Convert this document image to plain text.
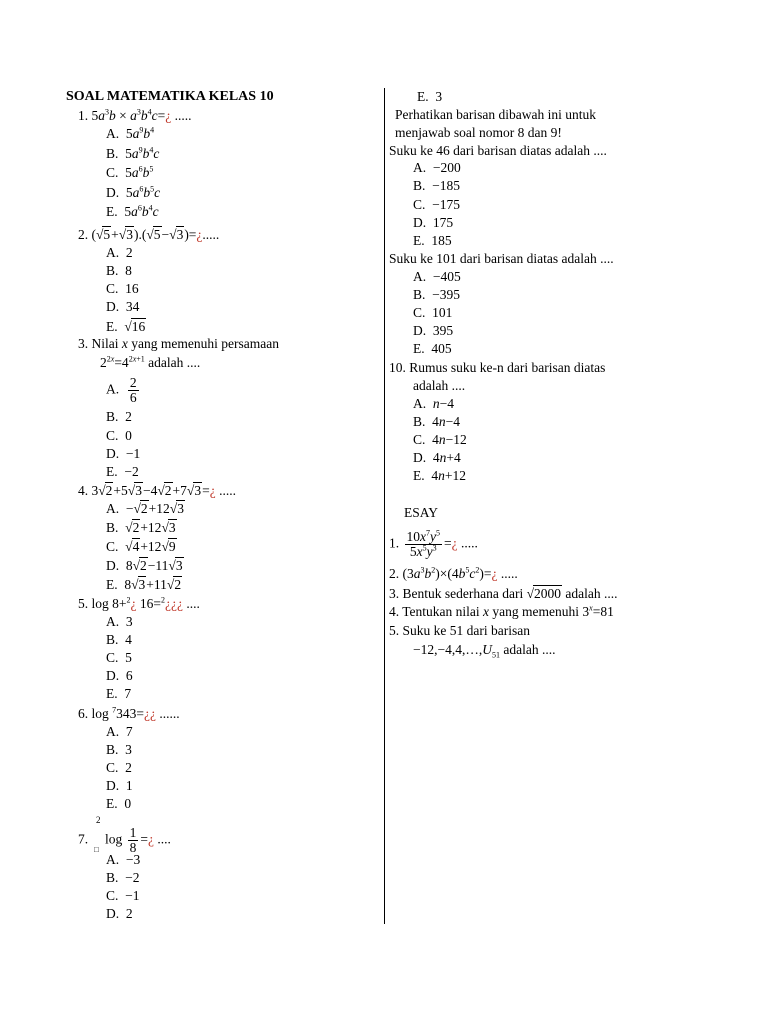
SOAL MATEMATIKA KELAS 10
1. $5a^3b$ × $a^3b^4c=¿$ .....
A.  $5a^9b^4$
B.  $5a^9b^4c$
C.  $5a^6b^5$
D.  $5a^6b^5c$
E.  $5a^6b^4c$
2. (√5+√3).(√5−√3)=¿.....
A.  2
B.  8
C.  16
D.  34
E.  √16
3. Nilai x yang memenuhi persamaan
$2^{2x}=4^{2x+1}$ adalah ....
A. $\frac{2}{6}$
B.  2
C.  0
D.  −1
E.  −2
4. 3√2+5√3−4√2+7√3=¿ .....
A.  −√2+12√3
B.  √2+12√3
C.  √4+12√9
D.  8√2−11√3
E.  8√3+11√2
5. log 8+$^2$¿ 16=$^2$¿¿¿ ....
A.  3
B.  4
C.  5
D.  6
E.  7
6. log $^7$343=¿¿ ......
A.  7
B.  3
C.  2
D.  1
E.  0
2
7.     $\log \frac{1}{8}$ =¿ ....
□
A.  −3
B.  −2
C.  −1
D.  2
E.  3
Perhatikan barisan dibawah ini untuk
menjawab soal nomor 8 dan 9!
Suku ke 46 dari barisan diatas adalah ....
A.  −200
B.  −185
C.  −175
D.  175
E.  185
Suku ke 101 dari barisan diatas adalah ....
A.  −405
B.  −395
C.  101
D.  395
E.  405
10. Rumus suku ke-n dari barisan diatas
adalah ....
A.  n−4
B.  4n−4
C.  4n−12
D.  4n+4
E.  4n+12
ESAY
1. $\frac{10x^7y^5}{5x^5y^3}$ =¿ .....
2. $(3a^3b^2)\times(4b^5c^2)=¿$ .....
3. Bentuk sederhana dari √2000 adalah ....
4. Tentukan nilai x yang memenuhi $3^x=81$
5. Suku ke 51 dari barisan
$-12,-4,4,\dots,U_{51}$ adalah ....
